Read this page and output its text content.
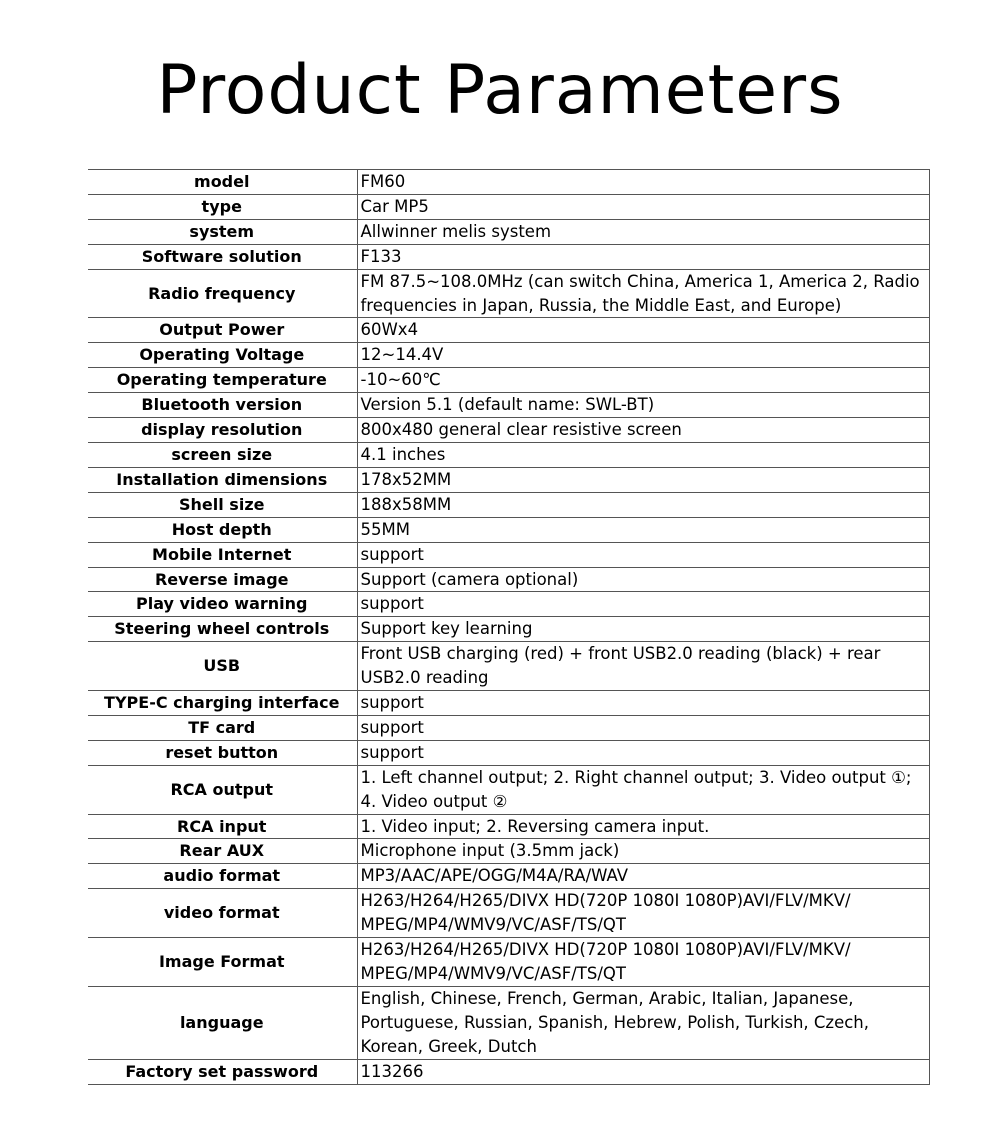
Product Parameters
model	FM60
type	Car MP5
system	Allwinner melis system
Software solution	F133
Radio frequency	FM 87.5~108.0MHz (can switch China, America 1, America 2, Radio frequencies in Japan, Russia, the Middle East, and Europe)
Output Power	60Wx4
Operating Voltage	12~14.4V
Operating temperature	-10~60℃
Bluetooth version	Version 5.1 (default name: SWL-BT)
display resolution	800x480 general clear resistive screen
screen size	4.1 inches
Installation dimensions	178x52MM
Shell size	188x58MM
Host depth	55MM
Mobile Internet	support
Reverse image	Support (camera optional)
Play video warning	support
Steering wheel controls	Support key learning
USB	Front USB charging (red) + front USB2.0 reading (black) + rear USB2.0 reading
TYPE-C charging interface	support
TF card	support
reset button	support
RCA output	1. Left channel output; 2. Right channel output; 3. Video output ①; 4. Video output ②
RCA input	1. Video input; 2. Reversing camera input.
Rear AUX	Microphone input (3.5mm jack)
audio format	MP3/AAC/APE/OGG/M4A/RA/WAV
video format	H263/H264/H265/DIVX HD(720P 1080I 1080P)AVI/FLV/MKV/ MPEG/MP4/WMV9/VC/ASF/TS/QT
Image Format	H263/H264/H265/DIVX HD(720P 1080I 1080P)AVI/FLV/MKV/ MPEG/MP4/WMV9/VC/ASF/TS/QT
language	English, Chinese, French, German, Arabic, Italian, Japanese, Portuguese, Russian, Spanish, Hebrew, Polish, Turkish, Czech, Korean, Greek, Dutch
Factory set password	113266
